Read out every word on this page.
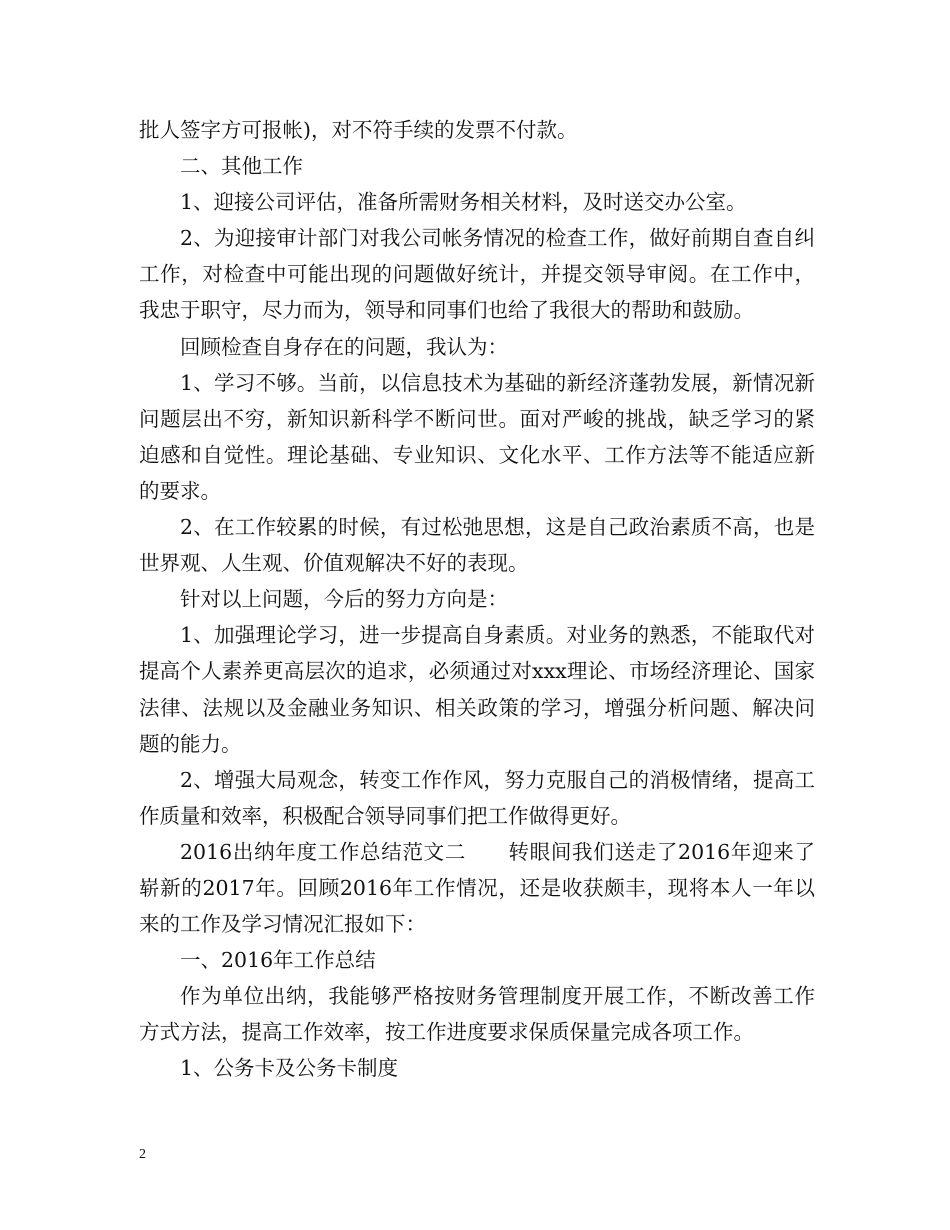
批人签字方可报帐)，对不符手续的发票不付款。

二、其他工作

1、迎接公司评估，准备所需财务相关材料，及时送交办公室。

2、为迎接审计部门对我公司帐务情况的检查工作，做好前期自查自纠工作，对检查中可能出现的问题做好统计，并提交领导审阅。在工作中，我忠于职守，尽力而为，领导和同事们也给了我很大的帮助和鼓励。

回顾检查自身存在的问题，我认为：

1、学习不够。当前，以信息技术为基础的新经济蓬勃发展，新情况新问题层出不穷，新知识新科学不断问世。面对严峻的挑战，缺乏学习的紧迫感和自觉性。理论基础、专业知识、文化水平、工作方法等不能适应新的要求。

2、在工作较累的时候，有过松弛思想，这是自己政治素质不高，也是世界观、人生观、价值观解决不好的表现。

针对以上问题，今后的努力方向是：

1、加强理论学习，进一步提高自身素质。对业务的熟悉，不能取代对提高个人素养更高层次的追求，必须通过对xxx理论、市场经济理论、国家法律、法规以及金融业务知识、相关政策的学习，增强分析问题、解决问题的能力。

2、增强大局观念，转变工作作风，努力克服自己的消极情绪，提高工作质量和效率，积极配合领导同事们把工作做得更好。

2016出纳年度工作总结范文二　　转眼间我们送走了2016年迎来了崭新的2017年。回顾2016年工作情况，还是收获颇丰，现将本人一年以来的工作及学习情况汇报如下：

一、2016年工作总结

作为单位出纳，我能够严格按财务管理制度开展工作，不断改善工作方式方法，提高工作效率，按工作进度要求保质保量完成各项工作。

1、公务卡及公务卡制度

2
